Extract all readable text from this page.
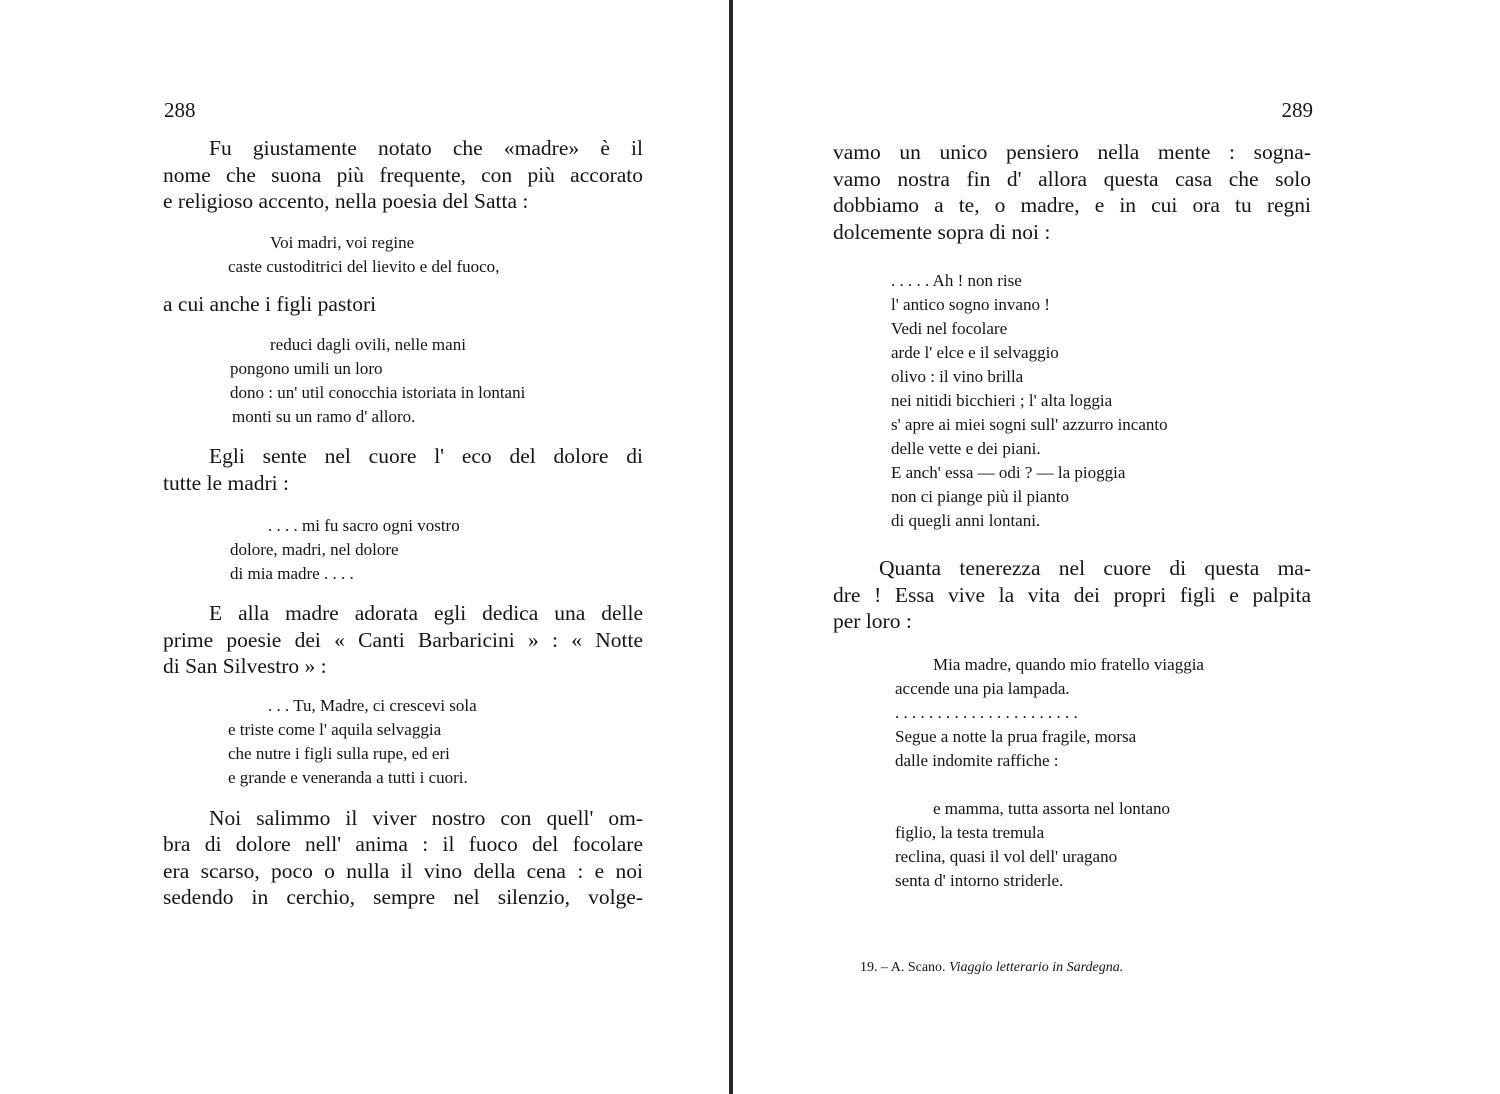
288

Fu giustamente notato che «madre» è il
nome che suona più frequente, con più accorato
e religioso accento, nella poesia del Satta :
Voi madri, voi regine
caste custoditrici del lievito e del fuoco,
a cui anche i figli pastori
reduci dagli ovili, nelle mani
pongono umili un loro
dono : un' util conocchia istoriata in lontani
monti su un ramo d' alloro.
Egli sente nel cuore l' eco del dolore di
tutte le madri :
. . . . mi fu sacro ogni vostro
dolore, madri, nel dolore
di mia madre . . . .
E alla madre adorata egli dedica una delle
prime poesie dei « Canti Barbaricini » : « Notte
di San Silvestro » :
. . . Tu, Madre, ci crescevi sola
e triste come l' aquila selvaggia
che nutre i figli sulla rupe, ed eri
e grande e veneranda a tutti i cuori.
Noi salimmo il viver nostro con quell' om-
bra di dolore nell' anima : il fuoco del focolare
era scarso, poco o nulla il vino della cena : e noi
sedendo in cerchio, sempre nel silenzio, volge-

289

vamo un unico pensiero nella mente : sogna-
vamo nostra fin d' allora questa casa che solo
dobbiamo a te, o madre, e in cui ora tu regni
dolcemente sopra di noi :
. . . . . Ah ! non rise
l' antico sogno invano !
Vedi nel focolare
arde l' elce e il selvaggio
olivo : il vino brilla
nei nitidi bicchieri ; l' alta loggia
s' apre ai miei sogni sull' azzurro incanto
delle vette e dei piani.
E anch' essa — odi ? — la pioggia
non ci piange più il pianto
di quegli anni lontani.
Quanta tenerezza nel cuore di questa ma-
dre ! Essa vive la vita dei propri figli e palpita
per loro :
Mia madre, quando mio fratello viaggia
accende una pia lampada.
. . . . . . . . . . . . . . . . . . . . . .
Segue a notte la prua fragile, morsa
dalle indomite raffiche :
e mamma, tutta assorta nel lontano
figlio, la testa tremula
reclina, quasi il vol dell' uragano
senta d' intorno striderle.

19. – A. Scano. Viaggio letterario in Sardegna.
